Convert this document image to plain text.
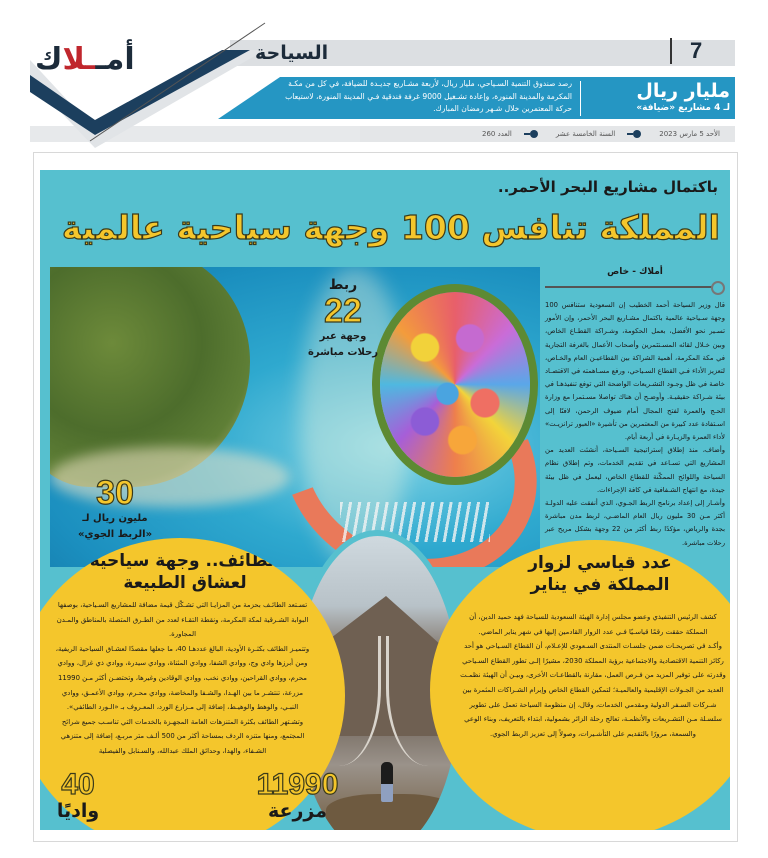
أمــلاك	السياحة	7
مليار ريال
لـ 4 مشاريع «ضيافة»
رصد صندوق التنمية السـياحي، مليار ريال، لأربعة مشـاريع جديـدة للضيافة، في كل من مكـة المكرمة والمدينة المنورة، وإعادة تشـغيل 9000 غرفة فندقية فـي المدينة المنورة، لاستيعاب حركة المعتمرين خلال شـهر رمضان المبارك.
الأحد 5 مارس 2023
السنة الخامسة عشر
العدد 260
باكتمال مشاريع البحر الأحمر..
المملكة تنافس 100 وجهة سياحية عالمية
ربط
22
وجهة عبر
رحلات مباشرة
30
مليون ريال لـ
«الربط الجوي»
أملاك - خاص

قال وزير السياحة أحمد الخطيب إن السعودية ستنافس 100 وجهة سـياحية عالمية باكتمال مشـاريع البحر الأحمر، وإن الأمور تسـير نحو الأفضل، بعمل الحكومة، وشـراكة القطـاع الخاص، وبين خـلال لقائه المسـتثمرين وأصحاب الأعمال بالغرفة التجارية في مكة المكرمة، أهمية الشراكة بين القطاعيـن العام والخـاص، لتعزيز الأداء فـي القطاع السـياحي، ورفع مسـاهمته في الاقتصـاد خاصة في ظل وجـود التشـريعات الواضحة التي توفع تنفيذهـا في بيئة شـراكة حقيقيـة. وأوضـح أن هناك تواصلا مسـتمرا مع وزارة الحـج والعمرة لفتح المجال أمام ضيوف الرحمن، لافتًا إلى اسـتفادة عدد كبيرة من المعتمرين من تأشيرة «العبور ترانزيـت» لأداء العمرة والزيـارة في أربعة أيام.

وأضاف، منذ إطلاق إستراتيجية السـياحة، أنشئت العديد من المشاريع التي تسـاعد في تقديم الخدمات، وتم إطلاق نظام السياحة واللوائح الممكّنة للقطاع الخاص، ليعمل في ظل بيئة جيدة، مع انتهاج الشـفافية في كافة الإجراءات.

وأشـار إلى إعداد برنامج الربط الجـوي، الذي أنفقت عليه الدولـة أكثر مـن 30 مليون ريال العام الماضـي، لربط مدن مباشرة بجدة والرياض، مؤكدًا ربط أكثر من 22 وجهة بشكل مريح عبر رحلات مباشرة.

الطائف.. وجهة سياحية
لعشاق الطبيعة

تسـتعد الطائـف بحزمة من المزايـا التي تشـكّل قيمة مضافة للمشاريع السـياحية، بوصفها البوابة الشـرقية لمكة المكرمة، ونقطة التقـاء لعدد من الطـرق المتصلة بالمناطق والمـدن المجاورة.

وتتميـز الطائف بكثـرة الأودية، البالغ عددهـا 40، ما جعلها مقصدًا لعشـاق السياحية الريفية، ومن أبرزها وادي وج، ووادي الشفا، ووادي المثناة، ووادي سيدرة، ووادي ذي غزال، ووادي محرم، ووادي القراحين، ووادي نخب، ووادي الوقادين وغيرها، وتحتضـن أكثر مـن 11990 مزرعة، تنتشـر ما بين الهـدا، والشـفا والمخاضة، ووادي محـرم، ووادي الأعمـق، ووادي النبـي، والوهط والوهيـط، إضافة إلى مـزارع الورد، المعـروف بـ «الـورد الطائفي».

وتشـتهر الطائف بكثرة المتنزهات العامة المجهـزة بالخدمات التي تناسـب جميع شرائح المجتمع، ومنها متنزه الردف بمساحة أكثر من 500 ألـف متر مربـع، إضافة إلى متنزهي الشـفاء، والهدا، وحدائق الملك عبدالله، والسـنابل والفيصلية

عدد قياسي لزوار
المملكة في يناير

كشف الرئيس التنفيذي وعضو مجلس إدارة الهيئة السعودية للسياحة فهد حميد الدين، أن المملكة حققت رقمًا قياسـيًا فـي عدد الزوار القادمين إليها في شهر يناير الماضي.

وأكـد في تصريحـات ضمن جلسـات المنتدى السـعودي للإعـلام، أن القطاع السـياحي هو أحد ركائز التنمية الاقتصادية والاجتماعية برؤية المملكة 2030، مشيرًا إلـى تطور القطاع السـياحي وقدرته على توفير المزيد من فـرص العمل، مقارنة بالقطاعـات الأخرى، وبيـن أن الهيئة نظمـت العديد من الجـولات الإقليمية والعالميـة؛ لتمكين القطاع الخاص وإبرام الشـراكات المثمرة بين شـركات السـفر الدولية ومقدمي الخدمات، وقال، إن منظومة السياحة تعمل على تطوير سلسـلة مـن التشـريعات والأنظمـة، تعالج رحلة الزائر بشمولية، ابتداء بالتعريف، وبناء الوعي والسمعة، مرورًا بالتقديم على التأشـيرات، وصولاً إلى تعزيز الربط الجوي.

40
واديًا
11990
مزرعة
